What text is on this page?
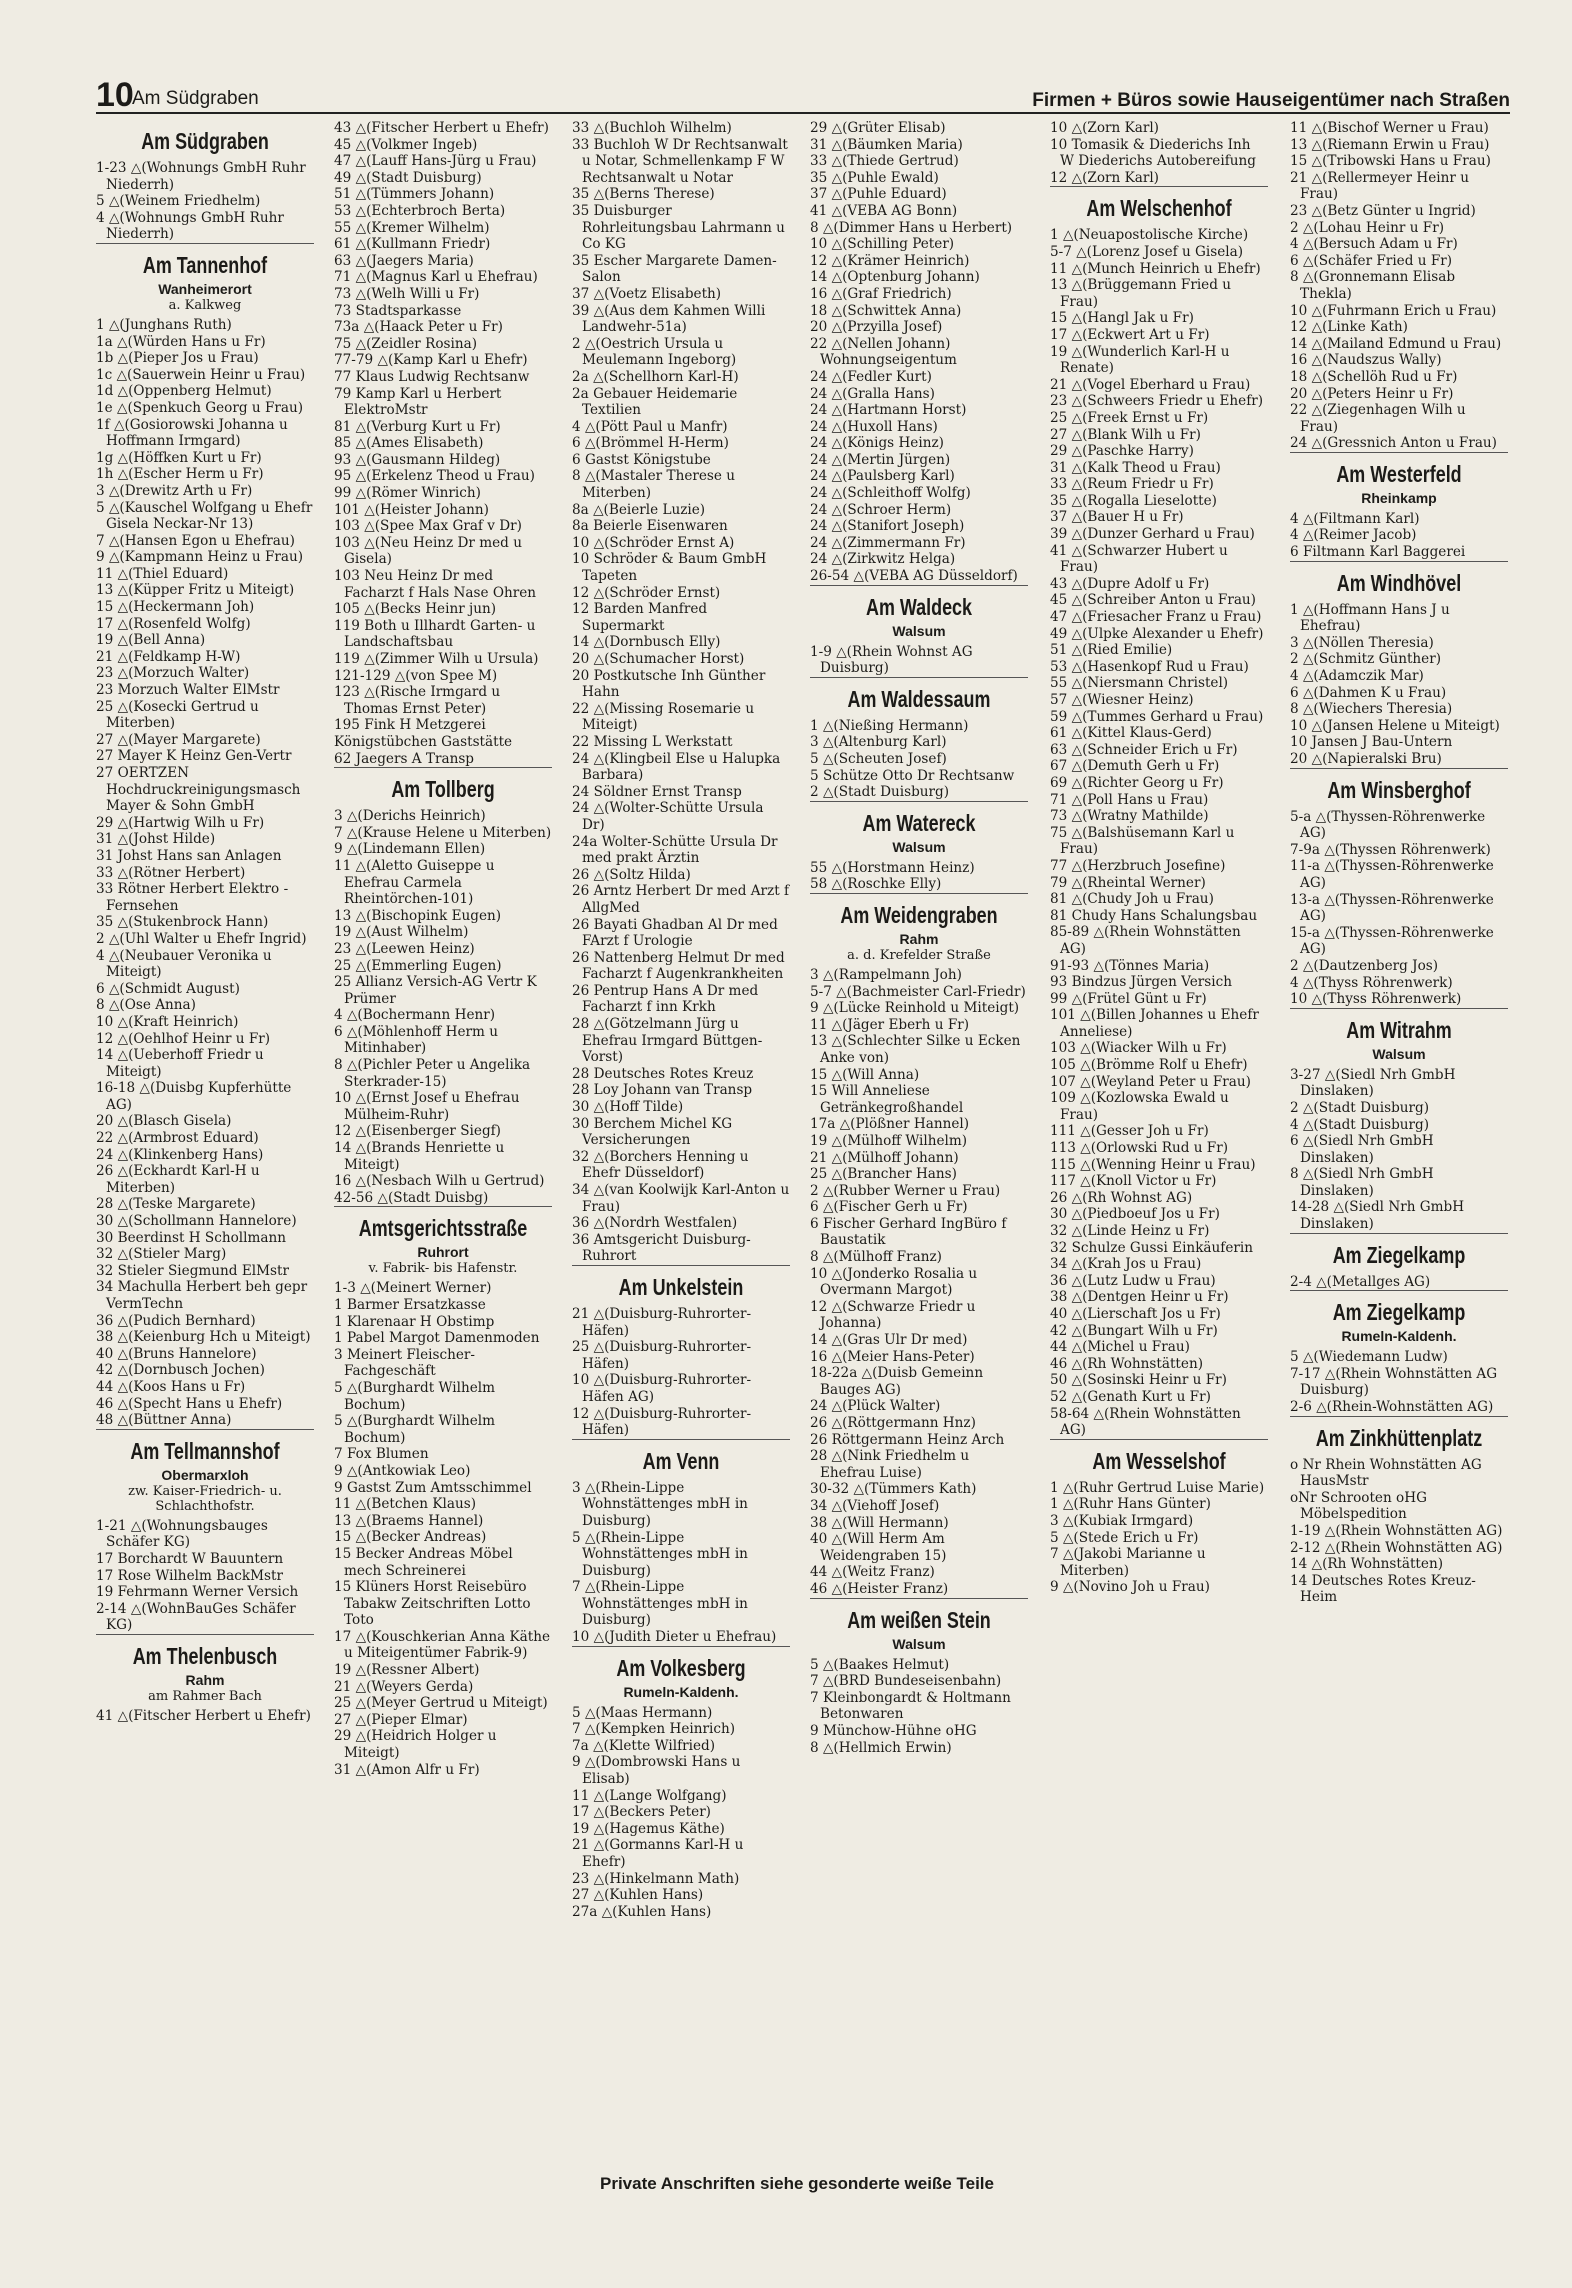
10
Am Südgraben	Firmen + Büros sowie Hauseigentümer nach Straßen
Am Südgraben

1-23 △(Wohnungs GmbH Ruhr Niederrh)

5 △(Weinem Friedhelm)

4 △(Wohnungs GmbH Ruhr Niederrh)

Am Tannenhof
Wanheimerort
a. Kalkweg

1 △(Junghans Ruth)

1a △(Würden Hans u Fr)

1b △(Pieper Jos u Frau)

1c △(Sauerwein Heinr u Frau)

1d △(Oppenberg Helmut)

1e △(Spenkuch Georg u Frau)

1f △(Gosiorowski Johanna u Hoffmann Irmgard)

1g △(Höffken Kurt u Fr)

1h △(Escher Herm u Fr)

3 △(Drewitz Arth u Fr)

5 △(Kauschel Wolfgang u Ehefr Gisela Neckar-Nr 13)

7 △(Hansen Egon u Ehefrau)

9 △(Kampmann Heinz u Frau)

11 △(Thiel Eduard)

13 △(Küpper Fritz u Miteigt)

15 △(Heckermann Joh)

17 △(Rosenfeld Wolfg)

19 △(Bell Anna)

21 △(Feldkamp H-W)

23 △(Morzuch Walter)

23 Morzuch Walter ElMstr

25 △(Kosecki Gertrud u Miterben)

27 △(Mayer Margarete)

27 Mayer K Heinz Gen-Vertr

27 OERTZEN Hochdruckreinigungsmasch Mayer & Sohn GmbH

29 △(Hartwig Wilh u Fr)

31 △(Johst Hilde)

31 Johst Hans san Anlagen

33 △(Rötner Herbert)

33 Rötner Herbert Elektro - Fernsehen

35 △(Stukenbrock Hann)

2 △(Uhl Walter u Ehefr Ingrid)

4 △(Neubauer Veronika u Miteigt)

6 △(Schmidt August)

8 △(Ose Anna)

10 △(Kraft Heinrich)

12 △(Oehlhof Heinr u Fr)

14 △(Ueberhoff Friedr u Miteigt)

16-18 △(Duisbg Kupferhütte AG)

20 △(Blasch Gisela)

22 △(Armbrost Eduard)

24 △(Klinkenberg Hans)

26 △(Eckhardt Karl-H u Miterben)

28 △(Teske Margarete)

30 △(Schollmann Hannelore)

30 Beerdinst H Schollmann

32 △(Stieler Marg)

32 Stieler Siegmund ElMstr

34 Machulla Herbert beh gepr VermTechn

36 △(Pudich Bernhard)

38 △(Keienburg Hch u Miteigt)

40 △(Bruns Hannelore)

42 △(Dornbusch Jochen)

44 △(Koos Hans u Fr)

46 △(Specht Hans u Ehefr)

48 △(Büttner Anna)

Am Tellmannshof
Obermarxloh
zw. Kaiser-Friedrich- u. Schlachthofstr.

1-21 △(Wohnungsbauges Schäfer KG)

17 Borchardt W Bauuntern

17 Rose Wilhelm BackMstr

19 Fehrmann Werner Versich

2-14 △(WohnBauGes Schäfer KG)

Am Thelenbusch
Rahm
am Rahmer Bach

41 △(Fitscher Herbert u Ehefr)

43 △(Fitscher Herbert u Ehefr)

45 △(Volkmer Ingeb)

47 △(Lauff Hans-Jürg u Frau)

49 △(Stadt Duisburg)

51 △(Tümmers Johann)

53 △(Echterbroch Berta)

55 △(Kremer Wilhelm)

61 △(Kullmann Friedr)

63 △(Jaegers Maria)

71 △(Magnus Karl u Ehefrau)

73 △(Welh Willi u Fr)

73 Stadtsparkasse

73a △(Haack Peter u Fr)

75 △(Zeidler Rosina)

77-79 △(Kamp Karl u Ehefr)

77 Klaus Ludwig Rechtsanw

79 Kamp Karl u Herbert ElektroMstr

81 △(Verburg Kurt u Fr)

85 △(Ames Elisabeth)

93 △(Gausmann Hildeg)

95 △(Erkelenz Theod u Frau)

99 △(Römer Winrich)

101 △(Heister Johann)

103 △(Spee Max Graf v Dr)

103 △(Neu Heinz Dr med u Gisela)

103 Neu Heinz Dr med Facharzt f Hals Nase Ohren

105 △(Becks Heinr jun)

119 Both u Illhardt Garten- u Landschaftsbau

119 △(Zimmer Wilh u Ursula)

121-129 △(von Spee M)

123 △(Rische Irmgard u Thomas Ernst Peter)

195 Fink H Metzgerei

Königstübchen Gaststätte

62 Jaegers A Transp

Am Tollberg

3 △(Derichs Heinrich)

7 △(Krause Helene u Miterben)

9 △(Lindemann Ellen)

11 △(Aletto Guiseppe u Ehefrau Carmela Rheintörchen-101)

13 △(Bischopink Eugen)

19 △(Aust Wilhelm)

23 △(Leewen Heinz)

25 △(Emmerling Eugen)

25 Allianz Versich-AG Vertr K Prümer

4 △(Bochermann Henr)

6 △(Möhlenhoff Herm u Mitinhaber)

8 △(Pichler Peter u Angelika Sterkrader-15)

10 △(Ernst Josef u Ehefrau Mülheim-Ruhr)

12 △(Eisenberger Siegf)

14 △(Brands Henriette u Miteigt)

16 △(Nesbach Wilh u Gertrud)

42-56 △(Stadt Duisbg)

Amtsgerichtsstraße
Ruhrort
v. Fabrik- bis Hafenstr.

1-3 △(Meinert Werner)

1 Barmer Ersatzkasse

1 Klarenaar H Obstimp

1 Pabel Margot Damenmoden

3 Meinert Fleischer-Fachgeschäft

5 △(Burghardt Wilhelm Bochum)

5 △(Burghardt Wilhelm Bochum)

7 Fox Blumen

9 △(Antkowiak Leo)

9 Gastst Zum Amtsschimmel

11 △(Betchen Klaus)

13 △(Braems Hannel)

15 △(Becker Andreas)

15 Becker Andreas Möbel mech Schreinerei

15 Klüners Horst Reisebüro Tabakw Zeitschriften Lotto Toto

17 △(Kouschkerian Anna Käthe u Miteigentümer Fabrik-9)

19 △(Ressner Albert)

21 △(Weyers Gerda)

25 △(Meyer Gertrud u Miteigt)

27 △(Pieper Elmar)

29 △(Heidrich Holger u Miteigt)

31 △(Amon Alfr u Fr)

33 △(Buchloh Wilhelm)

33 Buchloh W Dr Rechtsanwalt u Notar, Schmellenkamp F W Rechtsanwalt u Notar

35 △(Berns Therese)

35 Duisburger Rohrleitungsbau Lahrmann u Co KG

35 Escher Margarete Damen-Salon

37 △(Voetz Elisabeth)

39 △(Aus dem Kahmen Willi Landwehr-51a)

2 △(Oestrich Ursula u Meulemann Ingeborg)

2a △(Schellhorn Karl-H)

2a Gebauer Heidemarie Textilien

4 △(Pött Paul u Manfr)

6 △(Brömmel H-Herm)

6 Gastst Königstube

8 △(Mastaler Therese u Miterben)

8a △(Beierle Luzie)

8a Beierle Eisenwaren

10 △(Schröder Ernst A)

10 Schröder & Baum GmbH Tapeten

12 △(Schröder Ernst)

12 Barden Manfred Supermarkt

14 △(Dornbusch Elly)

20 △(Schumacher Horst)

20 Postkutsche Inh Günther Hahn

22 △(Missing Rosemarie u Miteigt)

22 Missing L Werkstatt

24 △(Klingbeil Else u Halupka Barbara)

24 Söldner Ernst Transp

24 △(Wolter-Schütte Ursula Dr)

24a Wolter-Schütte Ursula Dr med prakt Ärztin

26 △(Soltz Hilda)

26 Arntz Herbert Dr med Arzt f AllgMed

26 Bayati Ghadban Al Dr med FArzt f Urologie

26 Nattenberg Helmut Dr med Facharzt f Augenkrankheiten

26 Pentrup Hans A Dr med Facharzt f inn Krkh

28 △(Götzelmann Jürg u Ehefrau Irmgard Büttgen-Vorst)

28 Deutsches Rotes Kreuz

28 Loy Johann van Transp

30 △(Hoff Tilde)

30 Berchem Michel KG Versicherungen

32 △(Borchers Henning u Ehefr Düsseldorf)

34 △(van Koolwijk Karl-Anton u Frau)

36 △(Nordrh Westfalen)

36 Amtsgericht Duisburg-Ruhrort

Am Unkelstein

21 △(Duisburg-Ruhrorter-Häfen)

25 △(Duisburg-Ruhrorter-Häfen)

10 △(Duisburg-Ruhrorter-Häfen AG)

12 △(Duisburg-Ruhrorter-Häfen)

Am Venn

3 △(Rhein-Lippe Wohnstättenges mbH in Duisburg)

5 △(Rhein-Lippe Wohnstättenges mbH in Duisburg)

7 △(Rhein-Lippe Wohnstättenges mbH in Duisburg)

10 △(Judith Dieter u Ehefrau)

Am Volkesberg
Rumeln-Kaldenh.

5 △(Maas Hermann)

7 △(Kempken Heinrich)

7a △(Klette Wilfried)

9 △(Dombrowski Hans u Elisab)

11 △(Lange Wolfgang)

17 △(Beckers Peter)

19 △(Hagemus Käthe)

21 △(Gormanns Karl-H u Ehefr)

23 △(Hinkelmann Math)

27 △(Kuhlen Hans)

27a △(Kuhlen Hans)

29 △(Grüter Elisab)

31 △(Bäumken Maria)

33 △(Thiede Gertrud)

35 △(Puhle Ewald)

37 △(Puhle Eduard)

41 △(VEBA AG Bonn)

8 △(Dimmer Hans u Herbert)

10 △(Schilling Peter)

12 △(Krämer Heinrich)

14 △(Optenburg Johann)

16 △(Graf Friedrich)

18 △(Schwittek Anna)

20 △(Przyilla Josef)

22 △(Nellen Johann) Wohnungseigentum

24 △(Fedler Kurt)

24 △(Gralla Hans)

24 △(Hartmann Horst)

24 △(Huxoll Hans)

24 △(Königs Heinz)

24 △(Mertin Jürgen)

24 △(Paulsberg Karl)

24 △(Schleithoff Wolfg)

24 △(Schroer Herm)

24 △(Stanifort Joseph)

24 △(Zimmermann Fr)

24 △(Zirkwitz Helga)

26-54 △(VEBA AG Düsseldorf)

Am Waldeck
Walsum

1-9 △(Rhein Wohnst AG Duisburg)

Am Waldessaum

1 △(Nießing Hermann)

3 △(Altenburg Karl)

5 △(Scheuten Josef)

5 Schütze Otto Dr Rechtsanw

2 △(Stadt Duisburg)

Am Watereck
Walsum

55 △(Horstmann Heinz)

58 △(Roschke Elly)

Am Weidengraben
Rahm
a. d. Krefelder Straße

3 △(Rampelmann Joh)

5-7 △(Bachmeister Carl-Friedr)

9 △(Lücke Reinhold u Miteigt)

11 △(Jäger Eberh u Fr)

13 △(Schlechter Silke u Ecken Anke von)

15 △(Will Anna)

15 Will Anneliese Getränkegroßhandel

17a △(Plößner Hannel)

19 △(Mülhoff Wilhelm)

21 △(Mülhoff Johann)

25 △(Brancher Hans)

2 △(Rubber Werner u Frau)

6 △(Fischer Gerh u Fr)

6 Fischer Gerhard IngBüro f Baustatik

8 △(Mülhoff Franz)

10 △(Jonderko Rosalia u Overmann Margot)

12 △(Schwarze Friedr u Johanna)

14 △(Gras Ulr Dr med)

16 △(Meier Hans-Peter)

18-22a △(Duisb Gemeinn Bauges AG)

24 △(Plück Walter)

26 △(Röttgermann Hnz)

26 Röttgermann Heinz Arch

28 △(Nink Friedhelm u Ehefrau Luise)

30-32 △(Tümmers Kath)

34 △(Viehoff Josef)

38 △(Will Hermann)

40 △(Will Herm Am Weidengraben 15)

44 △(Weitz Franz)

46 △(Heister Franz)

Am weißen Stein
Walsum

5 △(Baakes Helmut)

7 △(BRD Bundeseisenbahn)

7 Kleinbongardt & Holtmann Betonwaren

9 Münchow-Hühne oHG

8 △(Hellmich Erwin)

10 △(Zorn Karl)

10 Tomasik & Diederichs Inh W Diederichs Autobereifung

12 △(Zorn Karl)

Am Welschenhof

1 △(Neuapostolische Kirche)

5-7 △(Lorenz Josef u Gisela)

11 △(Munch Heinrich u Ehefr)

13 △(Brüggemann Fried u Frau)

15 △(Hangl Jak u Fr)

17 △(Eckwert Art u Fr)

19 △(Wunderlich Karl-H u Renate)

21 △(Vogel Eberhard u Frau)

23 △(Schweers Friedr u Ehefr)

25 △(Freek Ernst u Fr)

27 △(Blank Wilh u Fr)

29 △(Paschke Harry)

31 △(Kalk Theod u Frau)

33 △(Reum Friedr u Fr)

35 △(Rogalla Lieselotte)

37 △(Bauer H u Fr)

39 △(Dunzer Gerhard u Frau)

41 △(Schwarzer Hubert u Frau)

43 △(Dupre Adolf u Fr)

45 △(Schreiber Anton u Frau)

47 △(Friesacher Franz u Frau)

49 △(Ulpke Alexander u Ehefr)

51 △(Ried Emilie)

53 △(Hasenkopf Rud u Frau)

55 △(Niersmann Christel)

57 △(Wiesner Heinz)

59 △(Tummes Gerhard u Frau)

61 △(Kittel Klaus-Gerd)

63 △(Schneider Erich u Fr)

67 △(Demuth Gerh u Fr)

69 △(Richter Georg u Fr)

71 △(Poll Hans u Frau)

73 △(Wratny Mathilde)

75 △(Balshüsemann Karl u Frau)

77 △(Herzbruch Josefine)

79 △(Rheintal Werner)

81 △(Chudy Joh u Frau)

81 Chudy Hans Schalungsbau

85-89 △(Rhein Wohnstätten AG)

91-93 △(Tönnes Maria)

93 Bindzus Jürgen Versich

99 △(Frütel Günt u Fr)

101 △(Billen Johannes u Ehefr Anneliese)

103 △(Wiacker Wilh u Fr)

105 △(Brömme Rolf u Ehefr)

107 △(Weyland Peter u Frau)

109 △(Kozlowska Ewald u Frau)

111 △(Gesser Joh u Fr)

113 △(Orlowski Rud u Fr)

115 △(Wenning Heinr u Frau)

117 △(Knoll Victor u Fr)

26 △(Rh Wohnst AG)

30 △(Piedboeuf Jos u Fr)

32 △(Linde Heinz u Fr)

32 Schulze Gussi Einkäuferin

34 △(Krah Jos u Frau)

36 △(Lutz Ludw u Frau)

38 △(Dentgen Heinr u Fr)

40 △(Lierschaft Jos u Fr)

42 △(Bungart Wilh u Fr)

44 △(Michel u Frau)

46 △(Rh Wohnstätten)

50 △(Sosinski Heinr u Fr)

52 △(Genath Kurt u Fr)

58-64 △(Rhein Wohnstätten AG)

Am Wesselshof

1 △(Ruhr Gertrud Luise Marie)

1 △(Ruhr Hans Günter)

3 △(Kubiak Irmgard)

5 △(Stede Erich u Fr)

7 △(Jakobi Marianne u Miterben)

9 △(Novino Joh u Frau)

11 △(Bischof Werner u Frau)

13 △(Riemann Erwin u Frau)

15 △(Tribowski Hans u Frau)

21 △(Rellermeyer Heinr u Frau)

23 △(Betz Günter u Ingrid)

2 △(Lohau Heinr u Fr)

4 △(Bersuch Adam u Fr)

6 △(Schäfer Fried u Fr)

8 △(Gronnemann Elisab Thekla)

10 △(Fuhrmann Erich u Frau)

12 △(Linke Kath)

14 △(Mailand Edmund u Frau)

16 △(Naudszus Wally)

18 △(Schellöh Rud u Fr)

20 △(Peters Heinr u Fr)

22 △(Ziegenhagen Wilh u Frau)

24 △(Gressnich Anton u Frau)

Am Westerfeld
Rheinkamp

4 △(Filtmann Karl)

4 △(Reimer Jacob)

6 Filtmann Karl Baggerei

Am Windhövel

1 △(Hoffmann Hans J u Ehefrau)

3 △(Nöllen Theresia)

2 △(Schmitz Günther)

4 △(Adamczik Mar)

6 △(Dahmen K u Frau)

8 △(Wiechers Theresia)

10 △(Jansen Helene u Miteigt)

10 Jansen J Bau-Untern

20 △(Napieralski Bru)

Am Winsberghof

5-a △(Thyssen-Röhrenwerke AG)

7-9a △(Thyssen Röhrenwerk)

11-a △(Thyssen-Röhrenwerke AG)

13-a △(Thyssen-Röhrenwerke AG)

15-a △(Thyssen-Röhrenwerke AG)

2 △(Dautzenberg Jos)

4 △(Thyss Röhrenwerk)

10 △(Thyss Röhrenwerk)

Am Witrahm
Walsum

3-27 △(Siedl Nrh GmbH Dinslaken)

2 △(Stadt Duisburg)

4 △(Stadt Duisburg)

6 △(Siedl Nrh GmbH Dinslaken)

8 △(Siedl Nrh GmbH Dinslaken)

14-28 △(Siedl Nrh GmbH Dinslaken)

Am Ziegelkamp

2-4 △(Metallges AG)

Am Ziegelkamp
Rumeln-Kaldenh.

5 △(Wiedemann Ludw)

7-17 △(Rhein Wohnstätten AG Duisburg)

2-6 △(Rhein-Wohnstätten AG)

Am Zinkhüttenplatz

o Nr Rhein Wohnstätten AG HausMstr

oNr Schrooten oHG Möbelspedition

1-19 △(Rhein Wohnstätten AG)

2-12 △(Rhein Wohnstätten AG)

14 △(Rh Wohnstätten)

14 Deutsches Rotes Kreuz-Heim

Private Anschriften siehe gesonderte weiße Teile
